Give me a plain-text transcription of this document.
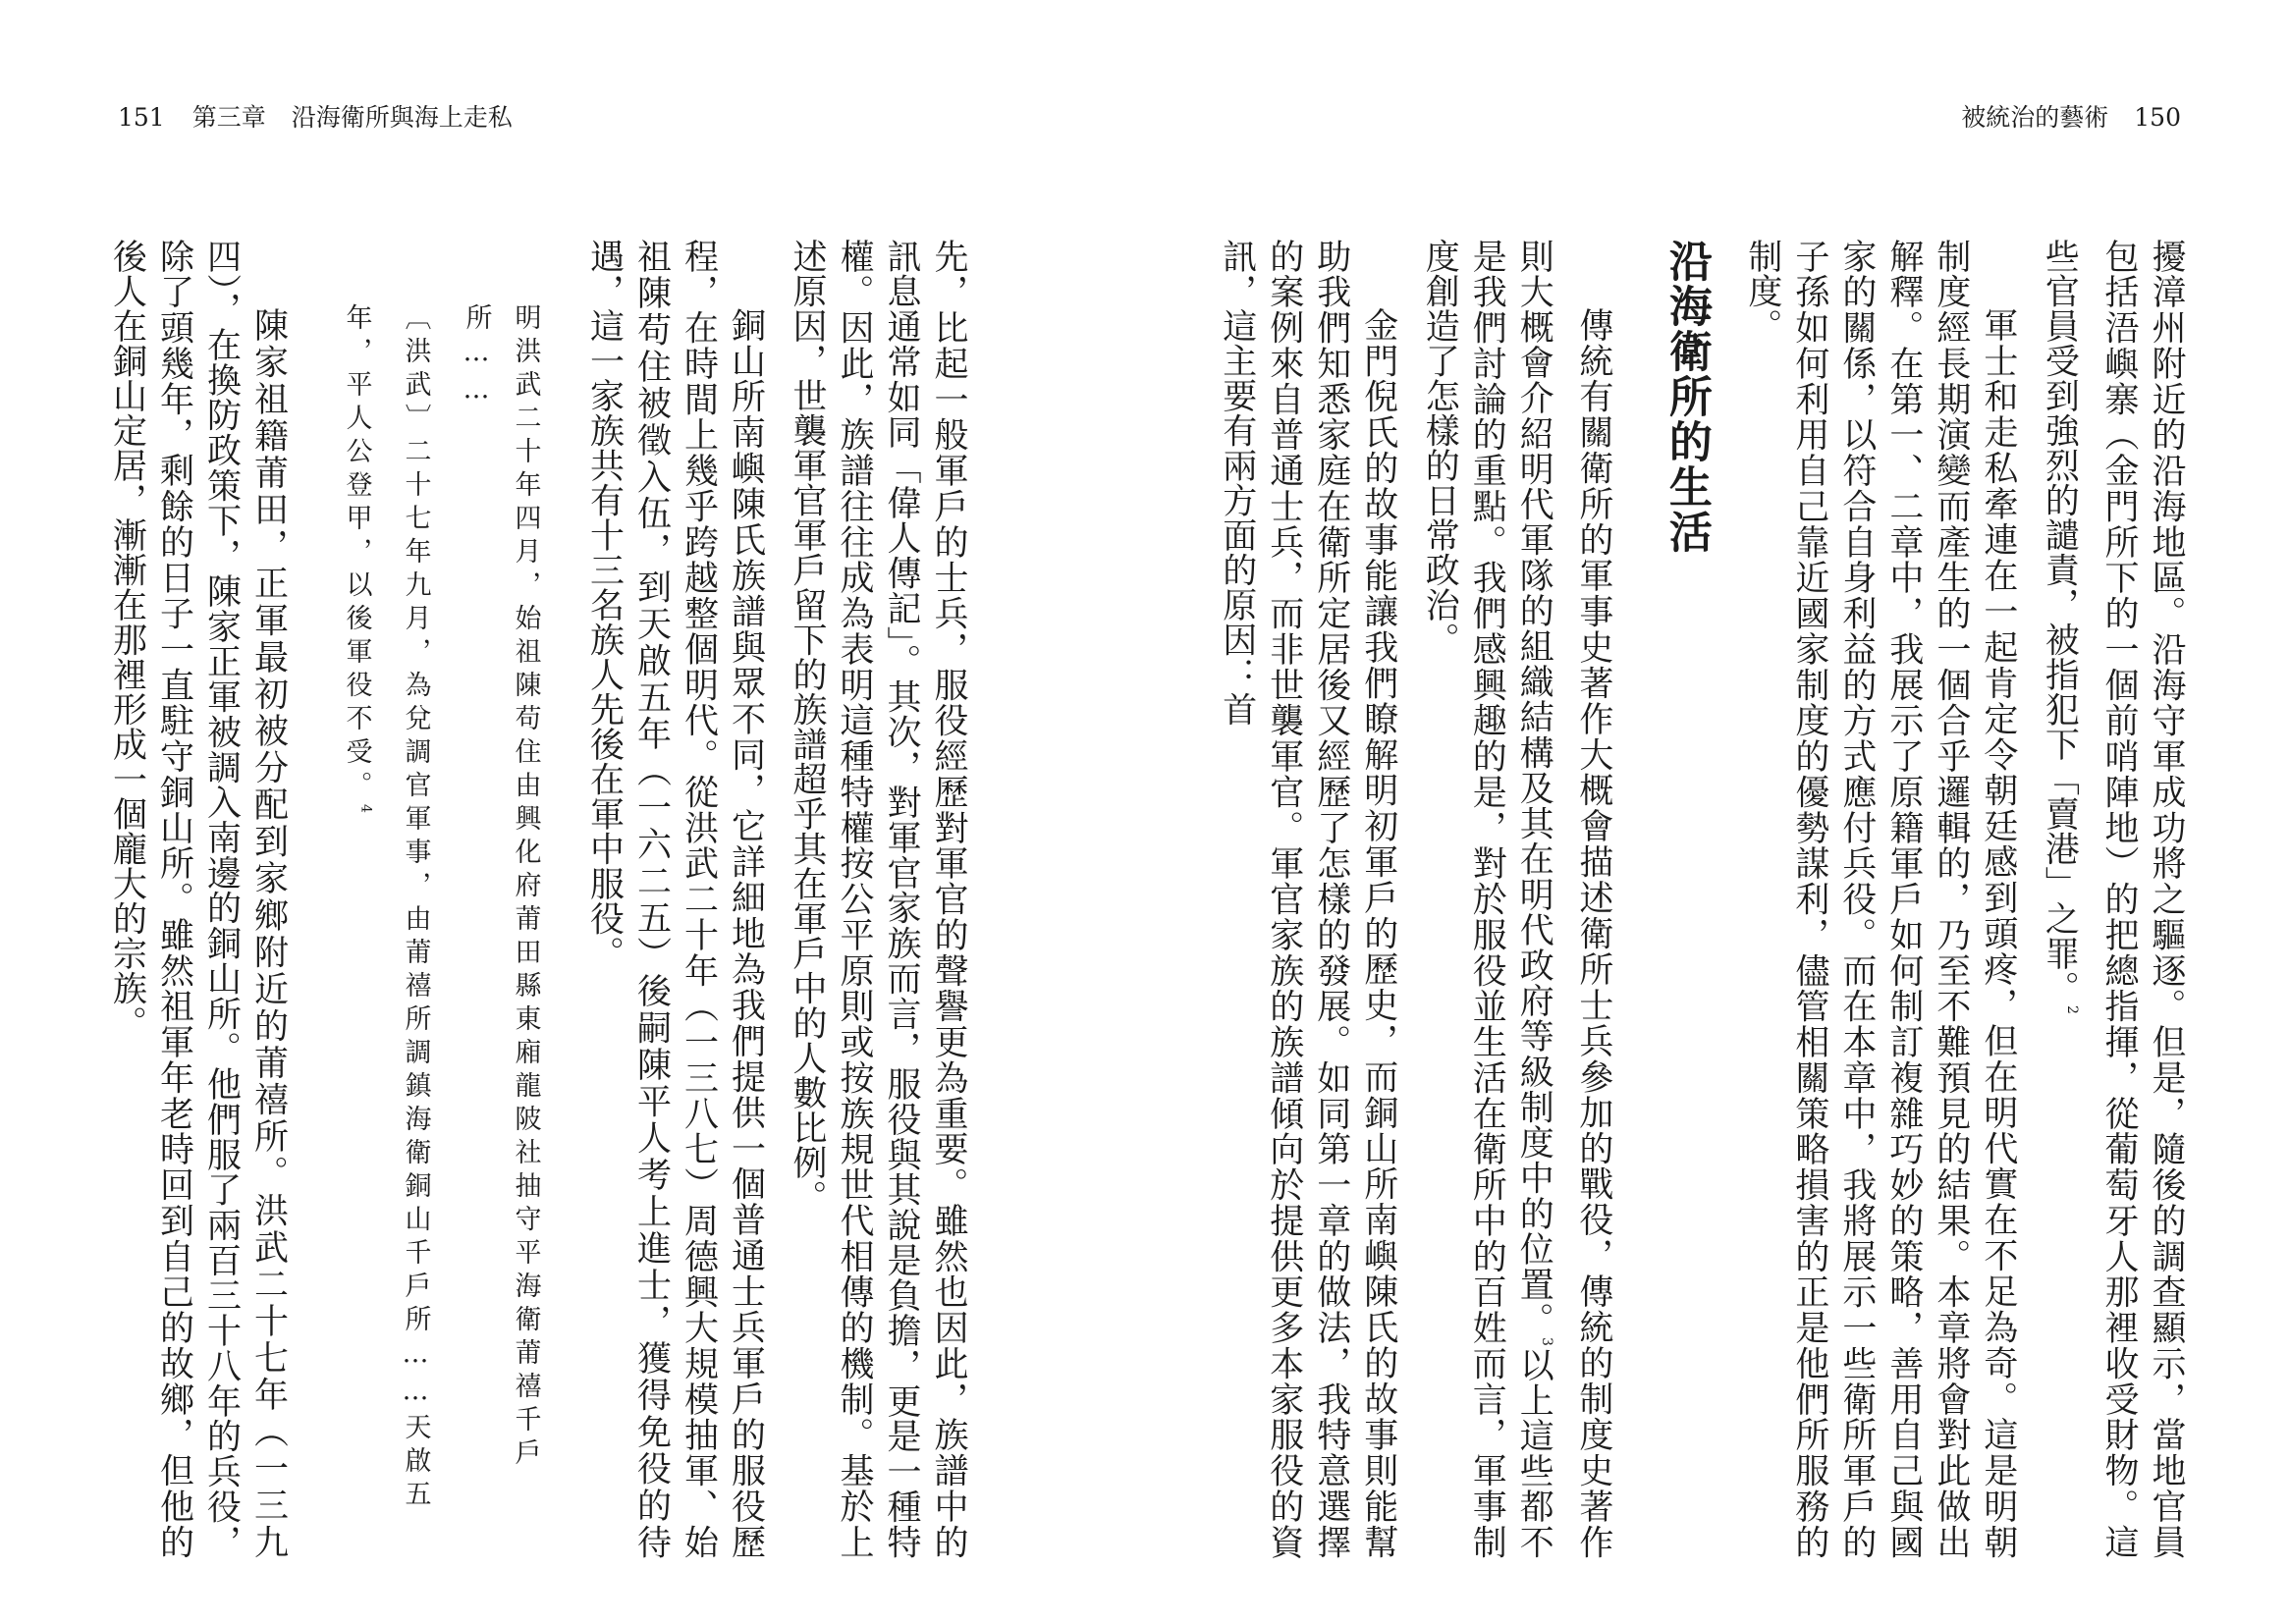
151 第三章 沿海衛所與海上走私	被統治的藝術 150

擾漳州附近的沿海地區。沿海守軍成功將之驅逐。但是，隨後的調查顯示，當地官員包括浯嶼寨（金門所下的一個前哨陣地）的把總指揮，從葡萄牙人那裡收受財物。這些官員受到強烈的譴責，被指犯下「賣港」之罪。$^2$

軍士和走私牽連在一起肯定令朝廷感到頭疼，但在明代實在不足為奇。這是明朝制度經長期演變而產生的一個合乎邏輯的，乃至不難預見的結果。本章將會對此做出解釋。在第一、二章中，我展示了原籍軍戶如何制訂複雜巧妙的策略，善用自己與國家的關係，以符合自身利益的方式應付兵役。而在本章中，我將展示一些衛所軍戶的子孫如何利用自己靠近國家制度的優勢謀利，儘管相關策略損害的正是他們所服務的制度。

沿海衛所的生活

傳統有關衛所的軍事史著作大概會描述衛所士兵參加的戰役，傳統的制度史著作則大概會介紹明代軍隊的組織結構及其在明代政府等級制度中的位置。$^3$以上這些都不是我們討論的重點。我們感興趣的是，對於服役並生活在衛所中的百姓而言，軍事制度創造了怎樣的日常政治。

金門倪氏的故事能讓我們瞭解明初軍戶的歷史，而銅山所南嶼陳氏的故事則能幫助我們知悉家庭在衛所定居後又經歷了怎樣的發展。如同第一章的做法，我特意選擇的案例來自普通士兵，而非世襲軍官。軍官家族的族譜傾向於提供更多本家服役的資訊，這主要有兩方面的原因：首

先，比起一般軍戶的士兵，服役經歷對軍官的聲譽更為重要。雖然也因此，族譜中的訊息通常如同「偉人傳記」。其次，對軍官家族而言，服役與其說是負擔，更是一種特權。因此，族譜往往成為表明這種特權按公平原則或按族規世代相傳的機制。基於上述原因，世襲軍官軍戶留下的族譜超乎其在軍戶中的人數比例。

銅山所南嶼陳氏族譜與眾不同，它詳細地為我們提供一個普通士兵軍戶的服役歷程，在時間上幾乎跨越整個明代。從洪武二十年（一三八七）周德興大規模抽軍、始祖陳苟住被徵入伍，到天啟五年（一六二五）後嗣陳平人考上進士，獲得免役的待遇，這一家族共有十三名族人先後在軍中服役。

明洪武二十年四月，始祖陳苟住由興化府莆田縣東廂龍陂社抽守平海衛莆禧千戶所……

〔洪武〕二十七年九月，為兌調官軍事，由莆禧所調鎮海衛銅山千戶所……天啟五年，平人公登甲，以後軍役不受。$^4$

陳家祖籍莆田，正軍最初被分配到家鄉附近的莆禧所。洪武二十七年（一三九四），在換防政策下，陳家正軍被調入南邊的銅山所。他們服了兩百三十八年的兵役，除了頭幾年，剩餘的日子一直駐守銅山所。雖然祖軍年老時回到自己的故鄉，但他的後人在銅山定居，漸漸在那裡形成一個龐大的宗族。
